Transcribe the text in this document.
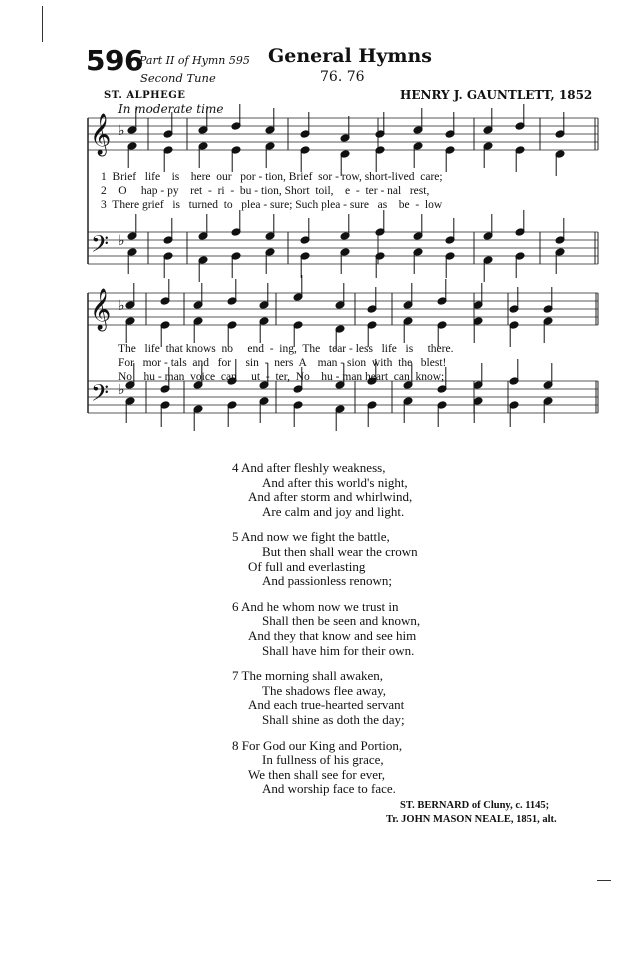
596
Part II of Hymn 595 General Hymns
Second Tune	76. 76
ST. ALPHEGE	HENRY J. GAUNTLETT, 1852
In moderate time
𝄞
𝄢
♭
♭
𝄞
𝄢
♭
♭
1  Brief   life    is    here  our   por - tion, Brief  sor - row, short-lived  care;
2    O     hap - py    ret  -  ri  -  bu - tion, Short  toil,    e  -  ter - nal   rest,
3  There grief   is   turned  to   plea - sure; Such plea - sure   as    be  -  low
The   life  that knows  no     end  -  ing,  The   tear - less   life   is     there.
For   mor - tals  and   for     sin  -  ners  A    man - sion  with  the   blest!
No    hu - man  voice  can     ut  -  ter,  No    hu - man heart  can  know;
4 And after fleshly weakness,
And after this world's night,
And after storm and whirlwind,
Are calm and joy and light.
5 And now we fight the battle,
But then shall wear the crown
Of full and everlasting
And passionless renown;
6 And he whom now we trust in
Shall then be seen and known,
And they that know and see him
Shall have him for their own.
7 The morning shall awaken,
The shadows flee away,
And each true-hearted servant
Shall shine as doth the day;
8 For God our King and Portion,
In fullness of his grace,
We then shall see for ever,
And worship face to face.
ST. BERNARD of Cluny, c. 1145;
Tr. JOHN MASON NEALE, 1851, alt.
